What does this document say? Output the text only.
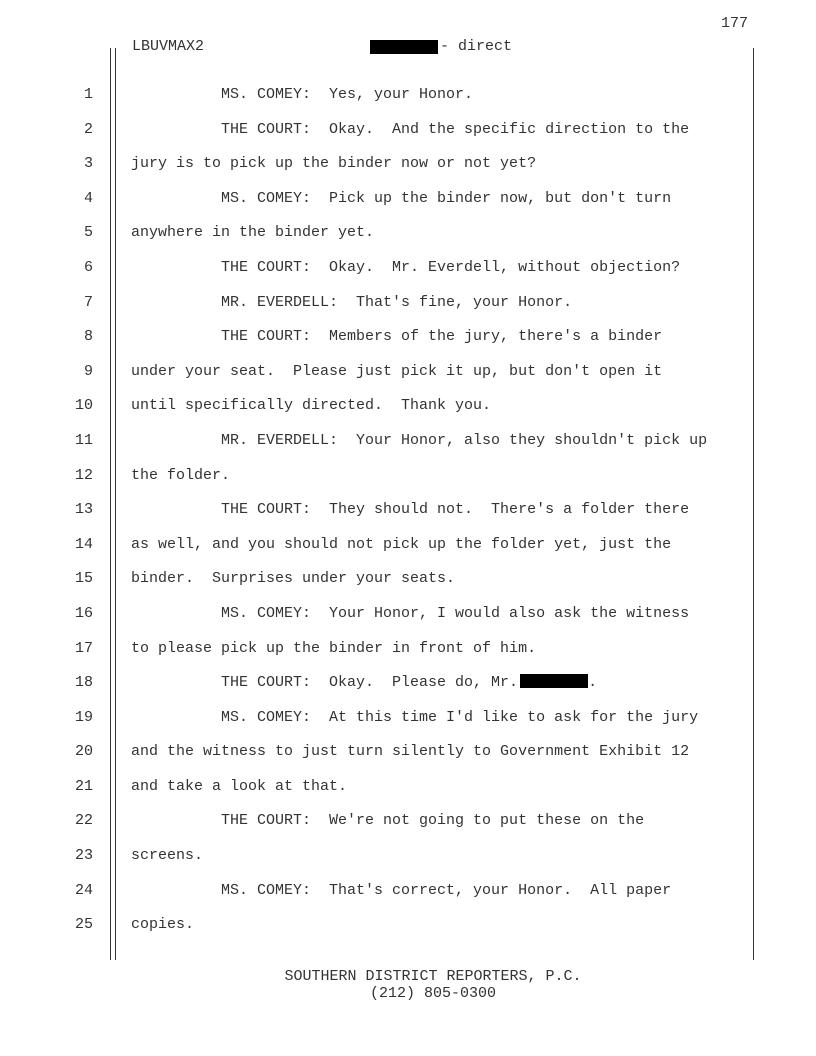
177
LBUVMAX2	- direct
1
2
3
4
5
6
7
8
9
10
11
12
13
14
15
16
17
18
19
20
21
22
23
24
25
MS. COMEY:  Yes, your Honor.
THE COURT:  Okay.  And the specific direction to the
jury is to pick up the binder now or not yet?
MS. COMEY:  Pick up the binder now, but don't turn
anywhere in the binder yet.
THE COURT:  Okay.  Mr. Everdell, without objection?
MR. EVERDELL:  That's fine, your Honor.
THE COURT:  Members of the jury, there's a binder
under your seat.  Please just pick it up, but don't open it
until specifically directed.  Thank you.
MR. EVERDELL:  Your Honor, also they shouldn't pick up
the folder.
THE COURT:  They should not.  There's a folder there
as well, and you should not pick up the folder yet, just the
binder.  Surprises under your seats.
MS. COMEY:  Your Honor, I would also ask the witness
to please pick up the binder in front of him.
THE COURT:  Okay.  Please do, Mr.	.
MS. COMEY:  At this time I'd like to ask for the jury
and the witness to just turn silently to Government Exhibit 12
and take a look at that.
THE COURT:  We're not going to put these on the
screens.
MS. COMEY:  That's correct, your Honor.  All paper
copies.
SOUTHERN DISTRICT REPORTERS, P.C.
(212) 805-0300
